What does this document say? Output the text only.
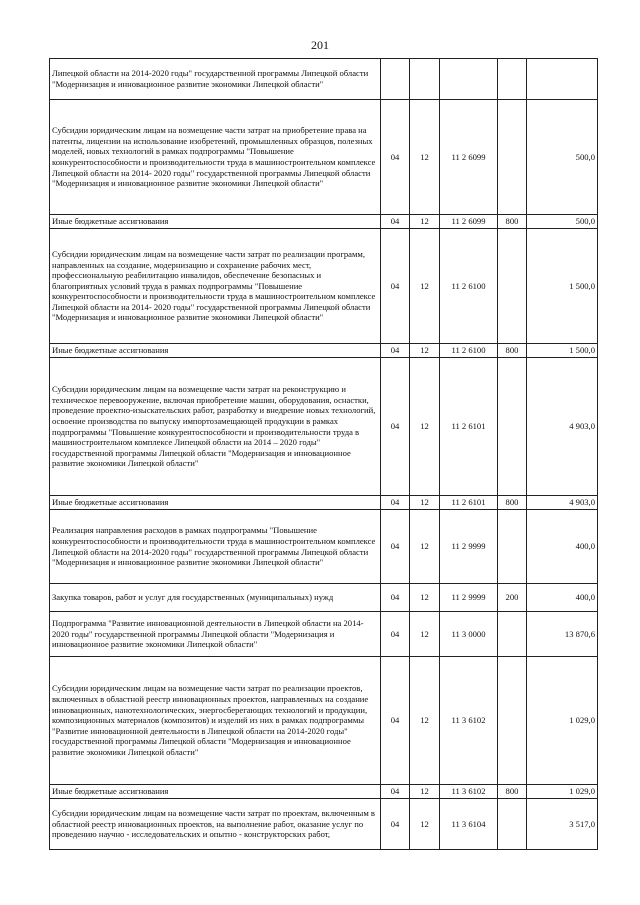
201
Липецкой области на 2014-2020 годы" государственной программы Липецкой области "Модернизация и инновационное развитие экономики Липецкой области"					
Субсидии юридическим лицам на возмещение части затрат на приобретение права на патенты, лицензии на использование изобретений, промышленных образцов, полезных моделей, новых технологий в рамках подпрограммы "Повышение конкурентоспособности и производительности труда в машиностроительном комплексе Липецкой области на 2014- 2020 годы" государственной программы Липецкой области "Модернизация и инновационное развитие экономики Липецкой области"	04	12	11 2 6099		500,0
Иные бюджетные ассигнования	04	12	11 2 6099	800	500,0
Субсидии юридическим лицам на возмещение части затрат по реализации программ, направленных на создание, модернизацию и сохранение рабочих мест, профессиональную реабилитацию инвалидов, обеспечение безопасных и благоприятных условий труда в рамках подпрограммы "Повышение конкурентоспособности и производительности труда в машиностроительном комплексе Липецкой области на 2014- 2020 годы" государственной программы Липецкой области "Модернизация и инновационное развитие экономики Липецкой области"	04	12	11 2 6100		1 500,0
Иные бюджетные ассигнования	04	12	11 2 6100	800	1 500,0
Субсидии юридическим лицам на возмещение части затрат на реконструкцию и техническое перевооружение, включая приобретение машин, оборудования, оснастки, проведение проектно-изыскательских работ, разработку и внедрение новых технологий, освоение производства по выпуску импортозамещающей продукции в рамках подпрограммы "Повышение конкурентоспособности и производительности труда в машиностроительном комплексе Липецкой области на 2014 – 2020 годы" государственной программы Липецкой области "Модернизация и инновационное развитие экономики Липецкой области"	04	12	11 2 6101		4 903,0
Иные бюджетные ассигнования	04	12	11 2 6101	800	4 903,0
Реализация направления расходов в рамках подпрограммы "Повышение конкурентоспособности и производительности труда в машиностроительном комплексе Липецкой области на 2014-2020 годы" государственной программы Липецкой области "Модернизация и инновационное развитие экономики Липецкой области"	04	12	11 2 9999		400,0
Закупка товаров, работ и услуг для государственных (муниципальных) нужд	04	12	11 2 9999	200	400,0
Подпрограмма "Развитие инновационной деятельности в Липецкой области на 2014-2020 годы" государственной программы Липецкой области "Модернизация и инновационное развитие экономики Липецкой области"	04	12	11 3 0000		13 870,6
Субсидии юридическим лицам на возмещение части затрат по реализации проектов, включенных в областной реестр инновационных проектов, направленных на создание инновационных, нанотехнологических, энергосберегающих технологий и продукции, композиционных материалов (композитов) и изделий из них в рамках подпрограммы "Развитие инновационной деятельности в Липецкой области на 2014-2020 годы" государственной программы Липецкой области "Модернизация и инновационное развитие экономики Липецкой области"	04	12	11 3 6102		1 029,0
Иные бюджетные ассигнования	04	12	11 3 6102	800	1 029,0
Субсидии юридическим лицам на возмещение части затрат по проектам, включенным в областной реестр инновационных проектов, на выполнение работ, оказание услуг по проведению научно - исследовательских и опытно - конструкторских работ,	04	12	11 3 6104		3 517,0
